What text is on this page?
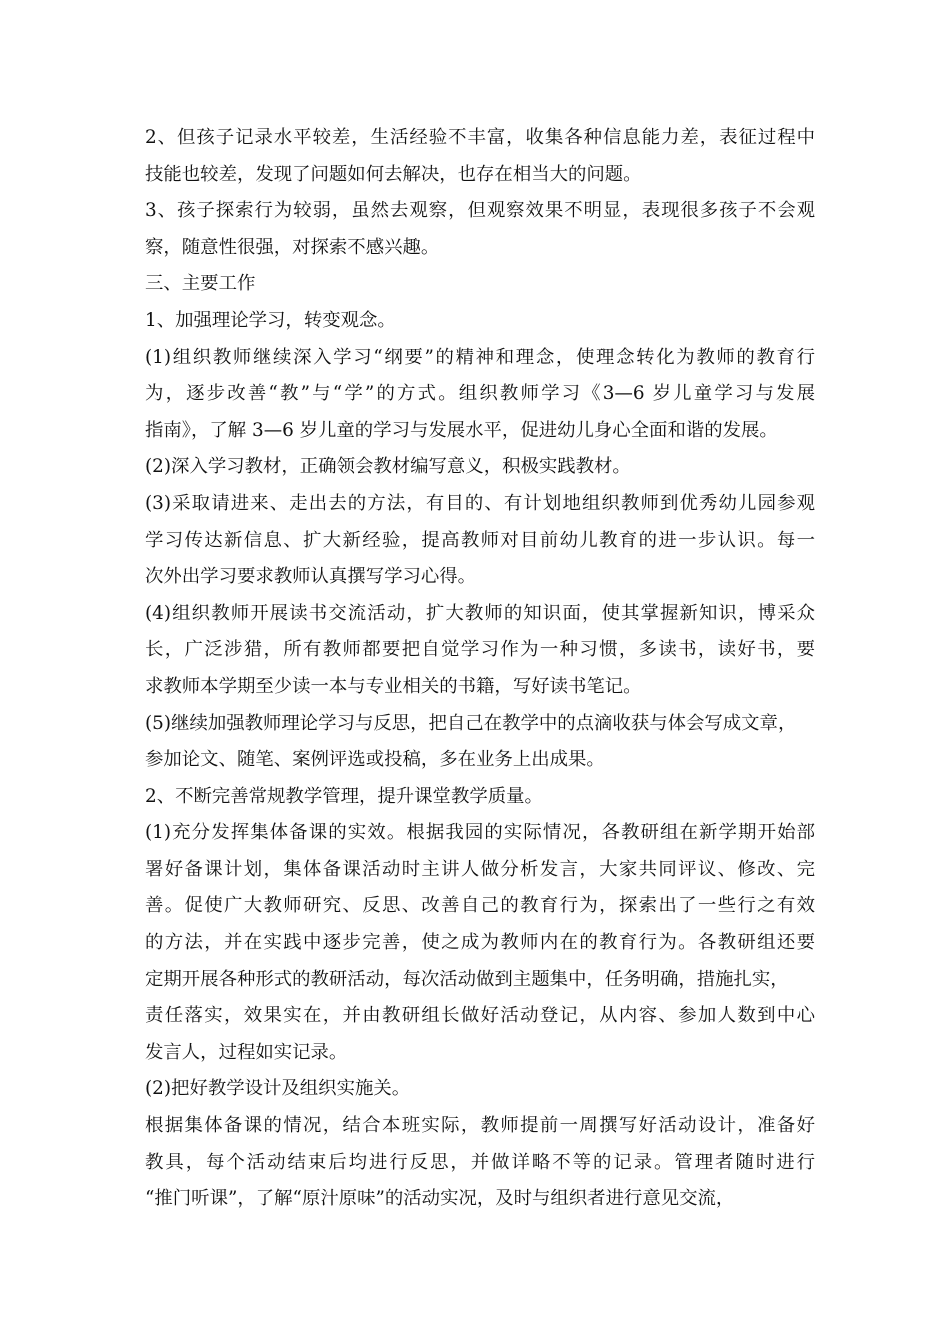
2、但孩子记录水平较差，生活经验不丰富，收集各种信息能力差，表征过程中
技能也较差，发现了问题如何去解决，也存在相当大的问题。
3、孩子探索行为较弱，虽然去观察，但观察效果不明显，表现很多孩子不会观
察，随意性很强，对探索不感兴趣。
三、主要工作
1、加强理论学习，转变观念。
(1)组织教师继续深入学习“纲要”的精神和理念，使理念转化为教师的教育行
为，逐步改善“教”与“学”的方式。组织教师学习《3—6 岁儿童学习与发展
指南》，了解 3—6 岁儿童的学习与发展水平，促进幼儿身心全面和谐的发展。
(2)深入学习教材，正确领会教材编写意义，积极实践教材。
(3)采取请进来、走出去的方法，有目的、有计划地组织教师到优秀幼儿园参观
学习传达新信息、扩大新经验，提高教师对目前幼儿教育的进一步认识。每一
次外出学习要求教师认真撰写学习心得。
(4)组织教师开展读书交流活动，扩大教师的知识面，使其掌握新知识，博采众
长，广泛涉猎，所有教师都要把自觉学习作为一种习惯，多读书，读好书，要
求教师本学期至少读一本与专业相关的书籍，写好读书笔记。
(5)继续加强教师理论学习与反思，把自己在教学中的点滴收获与体会写成文章，
参加论文、随笔、案例评选或投稿，多在业务上出成果。
2、不断完善常规教学管理，提升课堂教学质量。
(1)充分发挥集体备课的实效。根据我园的实际情况，各教研组在新学期开始部
署好备课计划，集体备课活动时主讲人做分析发言，大家共同评议、修改、完
善。促使广大教师研究、反思、改善自己的教育行为，探索出了一些行之有效
的方法，并在实践中逐步完善，使之成为教师内在的教育行为。各教研组还要
定期开展各种形式的教研活动，每次活动做到主题集中，任务明确，措施扎实，
责任落实，效果实在，并由教研组长做好活动登记，从内容、参加人数到中心
发言人，过程如实记录。
(2)把好教学设计及组织实施关。
根据集体备课的情况，结合本班实际，教师提前一周撰写好活动设计，准备好
教具，每个活动结束后均进行反思，并做详略不等的记录。管理者随时进行
“推门听课”，了解“原汁原味”的活动实况，及时与组织者进行意见交流，
